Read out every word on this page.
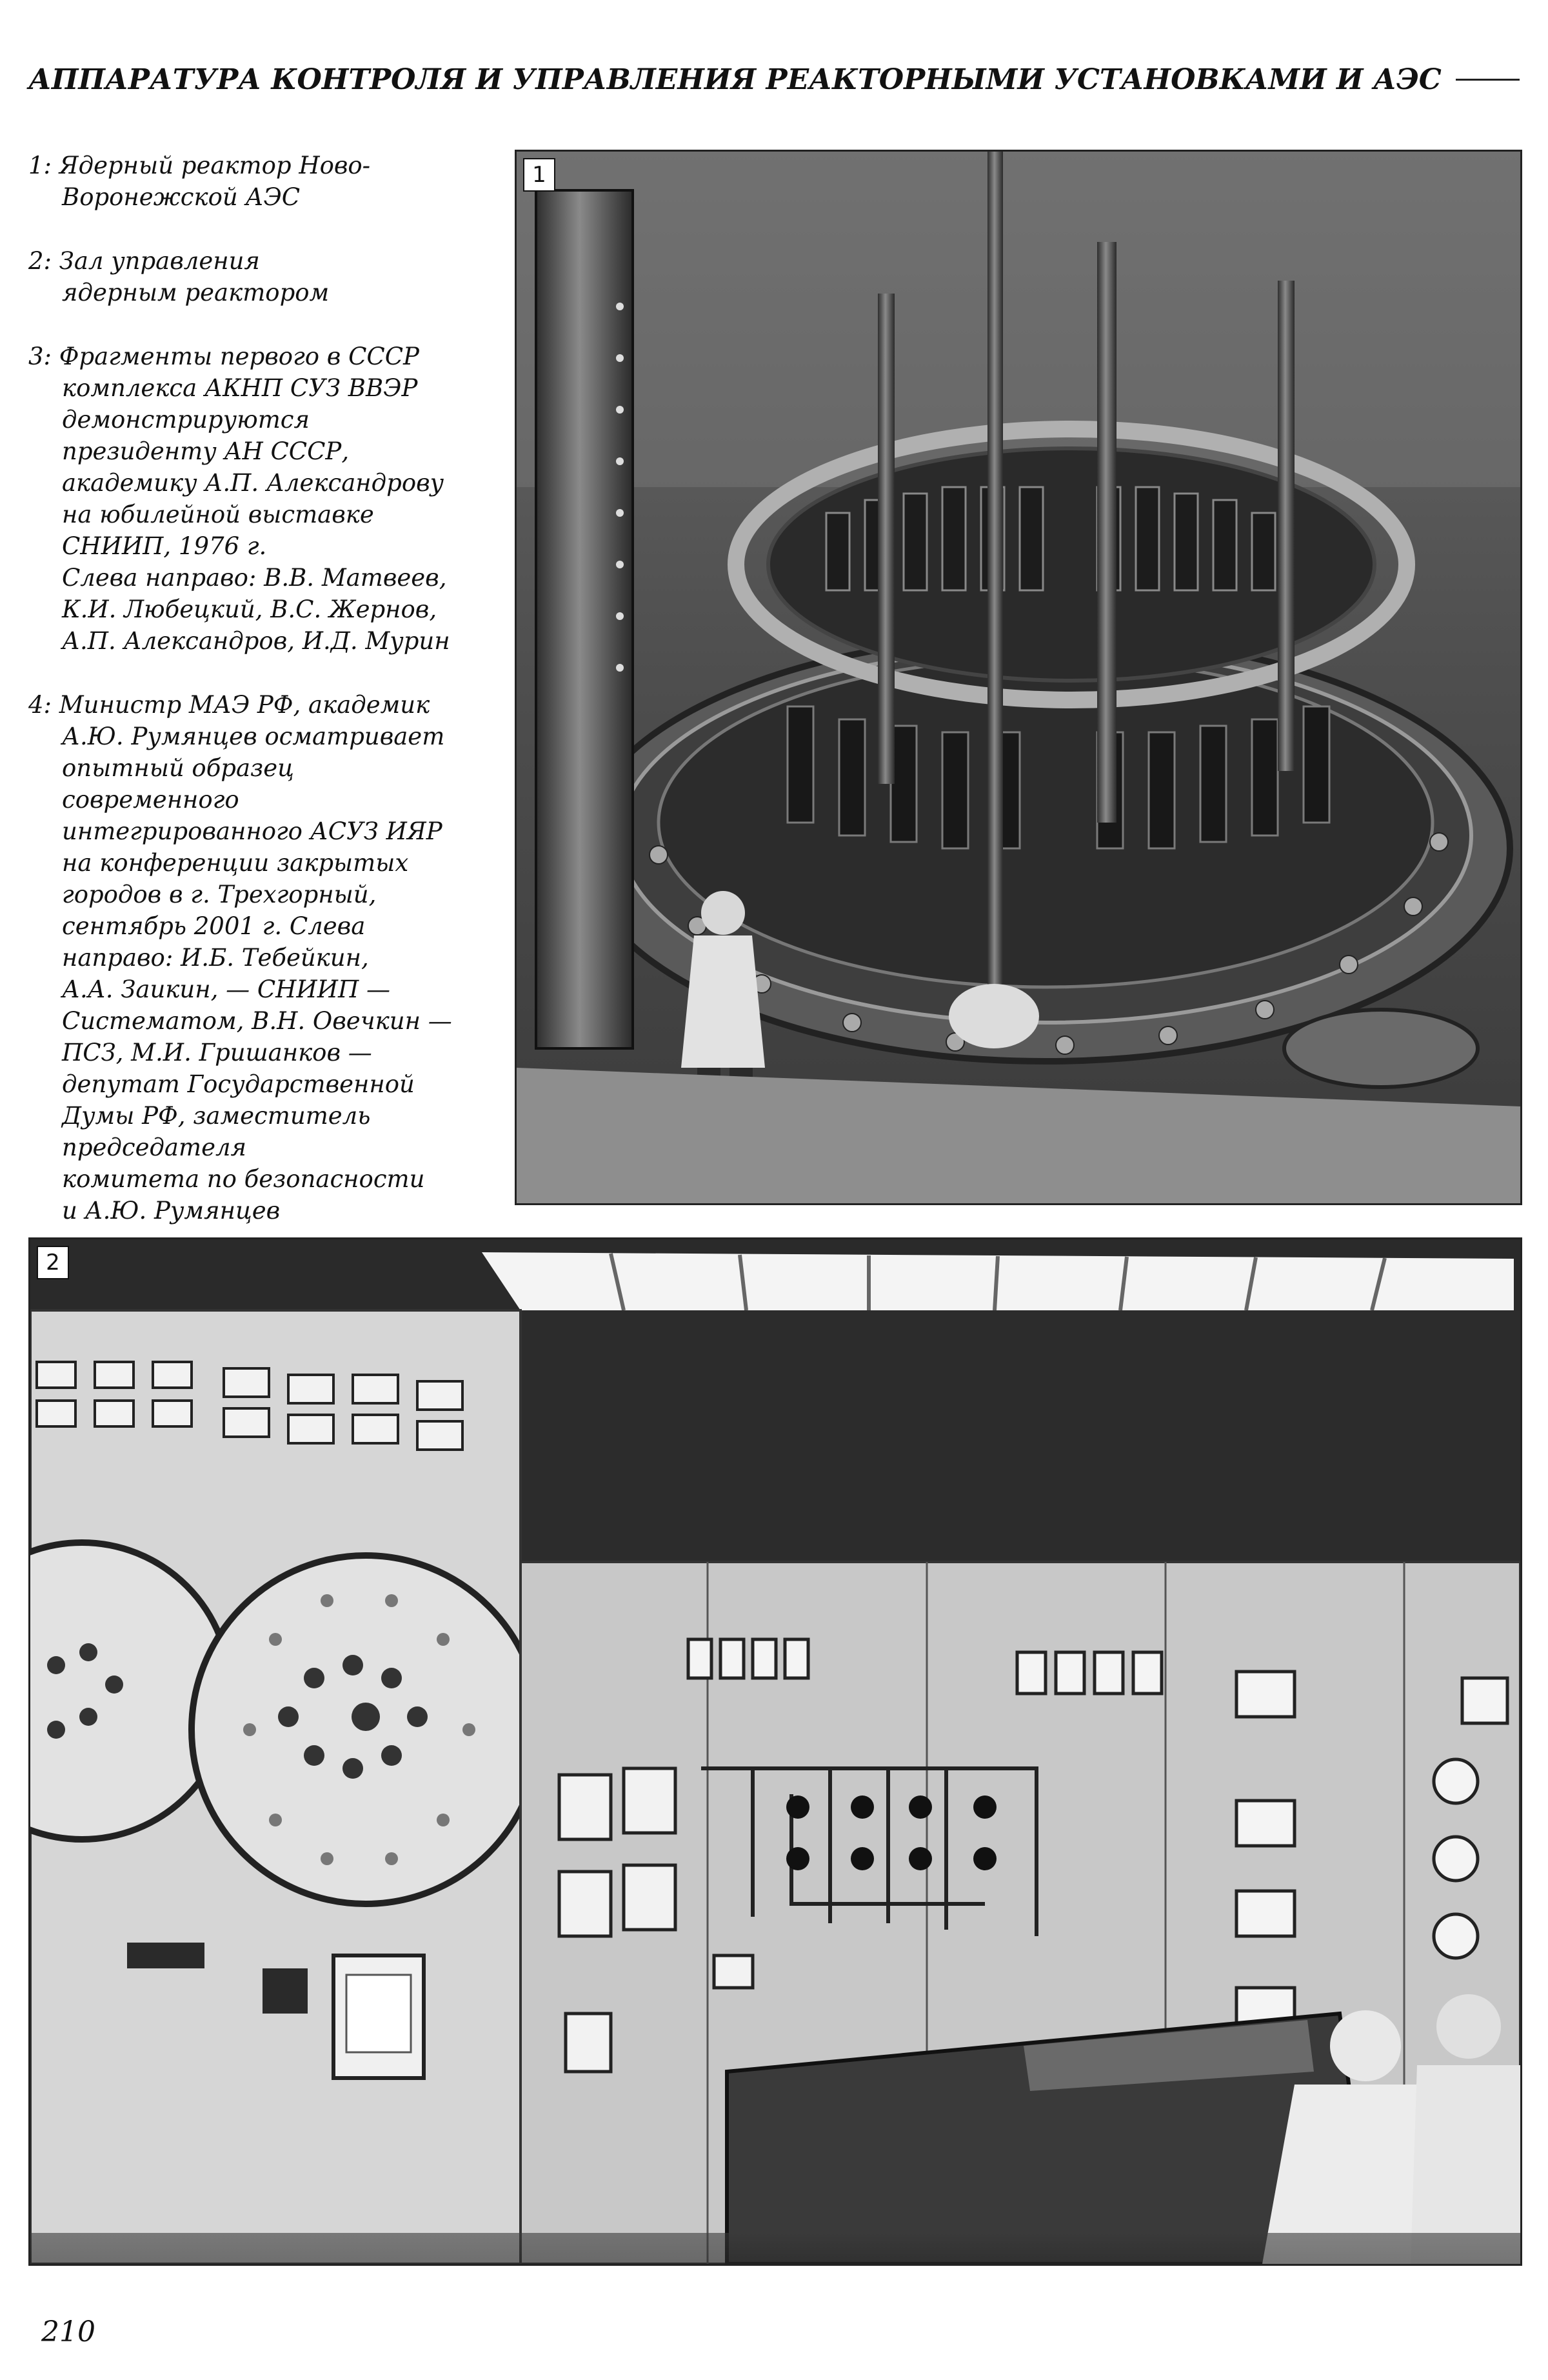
АППАРАТУРА КОНТРОЛЯ И УПРАВЛЕНИЯ РЕАКТОРНЫМИ УСТАНОВКАМИ И АЭС
1: Ядерный реактор Ново-
Воронежской АЭС
2: Зал управления
ядерным реактором
3: Фрагменты первого в СССР
комплекса АКНП СУЗ ВВЭР
демонстрируются
президенту АН СССР,
академику А.П. Александрову
на юбилейной выставке
СНИИП, 1976 г.
Слева направо: В.В. Матвеев,
К.И. Любецкий, В.С. Жернов,
А.П. Александров, И.Д. Мурин
4: Министр МАЭ РФ, академик
А.Ю. Румянцев осматривает
опытный образец
современного
интегрированного АСУЗ ИЯР
на конференции закрытых
городов в г. Трехгорный,
сентябрь 2001 г. Слева
направо: И.Б. Тебейкин,
А.А. Заикин, — СНИИП —
Систематом, В.Н. Овечкин —
ПСЗ, М.И. Гришанков —
депутат Государственной
Думы РФ, заместитель
председателя
комитета по безопасности
и А.Ю. Румянцев
1
2
210
